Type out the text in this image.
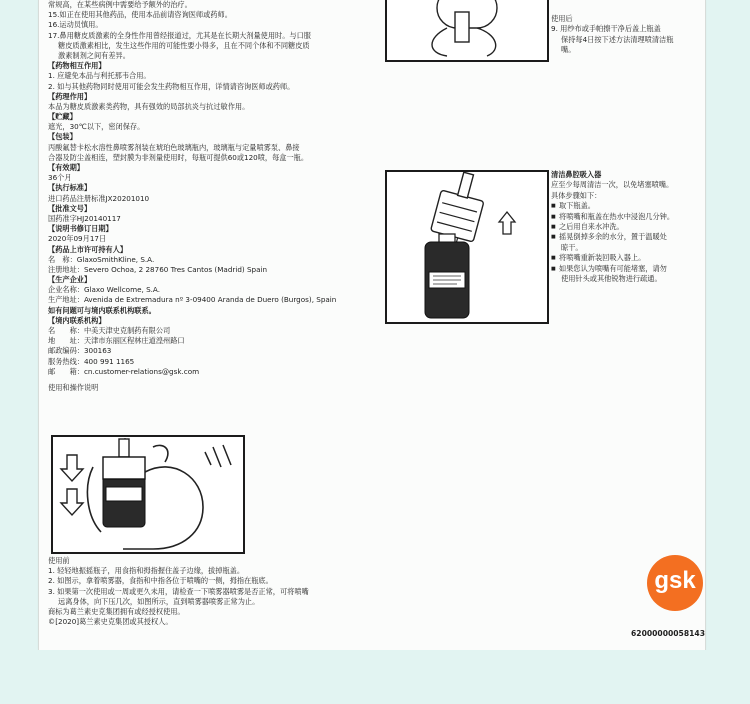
常规高，在某些病例中需要给予额外的治疗。
15.如正在使用其他药品，使用本品前请咨询医师或药师。
16.运动员慎用。
17.鼻用糖皮质激素的全身性作用曾经报道过，尤其是在长期大剂量使用时。与口服
糖皮质激素相比，发生这些作用的可能性要小得多，且在不同个体和不同糖皮质
激素制剂之间有差异。
【药物相互作用】
1. 应避免本品与利托那韦合用。
2. 如与其他药物同时使用可能会发生药物相互作用，详情请咨询医师或药师。
【药理作用】
本品为糖皮质激素类药物，具有强效的局部抗炎与抗过敏作用。
【贮藏】
遮光，30℃以下，密闭保存。
【包装】
丙酸氟替卡松水溶性鼻喷雾剂装在琥珀色玻璃瓶内，玻璃瓶与定量喷雾泵、鼻接
合器及防尘盖相连，塑封膜为非剂量使用时，每瓶可提供60或120喷，每盒一瓶。
【有效期】
36个月
【执行标准】
进口药品注册标准JX20201010
【批准文号】
国药准字HJ20140117
【说明书修订日期】
2020年09月17日
【药品上市许可持有人】
名　称：GlaxoSmithKline, S.A.
注册地址：Severo Ochoa, 2 28760 Tres Cantos (Madrid) Spain
【生产企业】
企业名称：Glaxo Wellcome, S.A.
生产地址：Avenida de Extremadura nº 3-09400 Aranda de Duero (Burgos), Spain
如有问题可与境内联系机构联系。
【境内联系机构】
名　　称：中美天津史克制药有限公司
地　　址：天津市东丽区程林庄道湟州路口
邮政编码：300163
服务热线：400 991 1165
邮　　箱：cn.customer-relations@gsk.com
使用和操作说明
使用前
1. 轻轻地振摇瓶子，用食指和拇指握住盖子边缘，拔掉瓶盖。
2. 如图示，拿着喷雾器，食指和中指各位于喷嘴的一侧，拇指在瓶底。
3. 如果第一次使用或一周或更久未用，请检查一下喷雾器喷雾是否正常，可将喷嘴
远离身体，向下压几次，如图所示，直到喷雾器喷雾正常为止。
商标为葛兰素史克集团拥有或经授权使用。
©[2020]葛兰素史克集团或其授权人。
使用后
9. 用纱布或手帕擦干净后盖上瓶盖
保持每4日按下述方法清理喷清洁瓶
嘴。
清洁鼻腔吸入器
应至少每周清洁一次，以免堵塞喷嘴。
具体步骤如下：
■ 取下瓶盖。
■ 将喷嘴和瓶盖在热水中浸泡几分钟。
■ 之后用自来水冲洗。
■ 摇晃倒掉多余的水分，置于温暖处
晾干。
■ 将喷嘴重新装回吸入器上。
■ 如果您认为喷嘴有可能堵塞，请勿
使用针头或其他锐物进行疏通。
gsk
62000000058143
